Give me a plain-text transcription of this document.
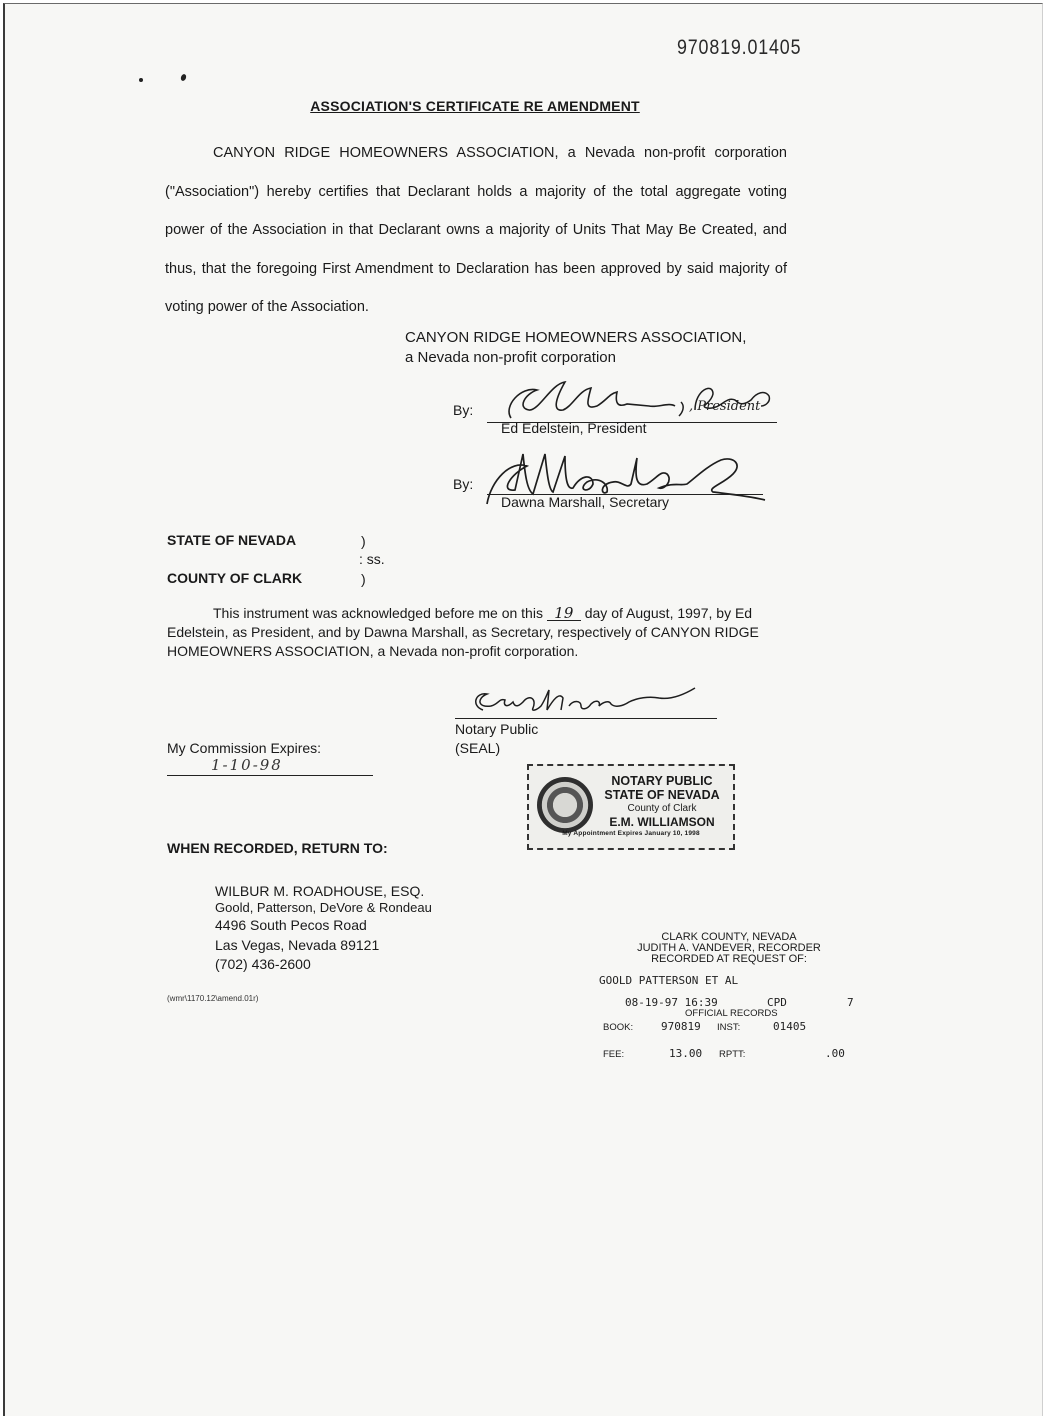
970819.01405
ASSOCIATION'S CERTIFICATE RE AMENDMENT

CANYON RIDGE HOMEOWNERS ASSOCIATION, a Nevada non-profit corporation ("Association") hereby certifies that Declarant holds a majority of the total aggregate voting power of the Association in that Declarant owns a majority of Units That May Be Created, and thus, that the foregoing First Amendment to Declaration has been approved by said majority of voting power of the Association.

CANYON RIDGE HOMEOWNERS ASSOCIATION,
a Nevada non-profit corporation
By:	, President
Ed Edelstein, President
By:
Dawna Marshall, Secretary
STATE OF NEVADA	)
: ss.
COUNTY OF CLARK	)

This instrument was acknowledged before me on this 19 day of August, 1997, by Ed Edelstein, as President, and by Dawna Marshall, as Secretary, respectively of CANYON RIDGE HOMEOWNERS ASSOCIATION, a Nevada non-profit corporation.

Notary Public
(SEAL)
My Commission Expires:
1-10-98
NOTARY PUBLIC
STATE OF NEVADA
County of Clark
E.M. WILLIAMSON
My Appointment Expires January 10, 1998
WHEN RECORDED, RETURN TO:
WILBUR M. ROADHOUSE, ESQ.
Goold, Patterson, DeVore & Rondeau
4496 South Pecos Road
Las Vegas, Nevada 89121
(702) 436-2600
(wmr\1170.12\amend.01r)
CLARK COUNTY, NEVADA
JUDITH A. VANDEVER, RECORDER
RECORDED AT REQUEST OF:
GOOLD PATTERSON ET AL
08-19-97 16:39	CPD	7
OFFICIAL RECORDS
BOOK:	970819 INST:	01405
FEE:	13.00 RPTT:	.00
